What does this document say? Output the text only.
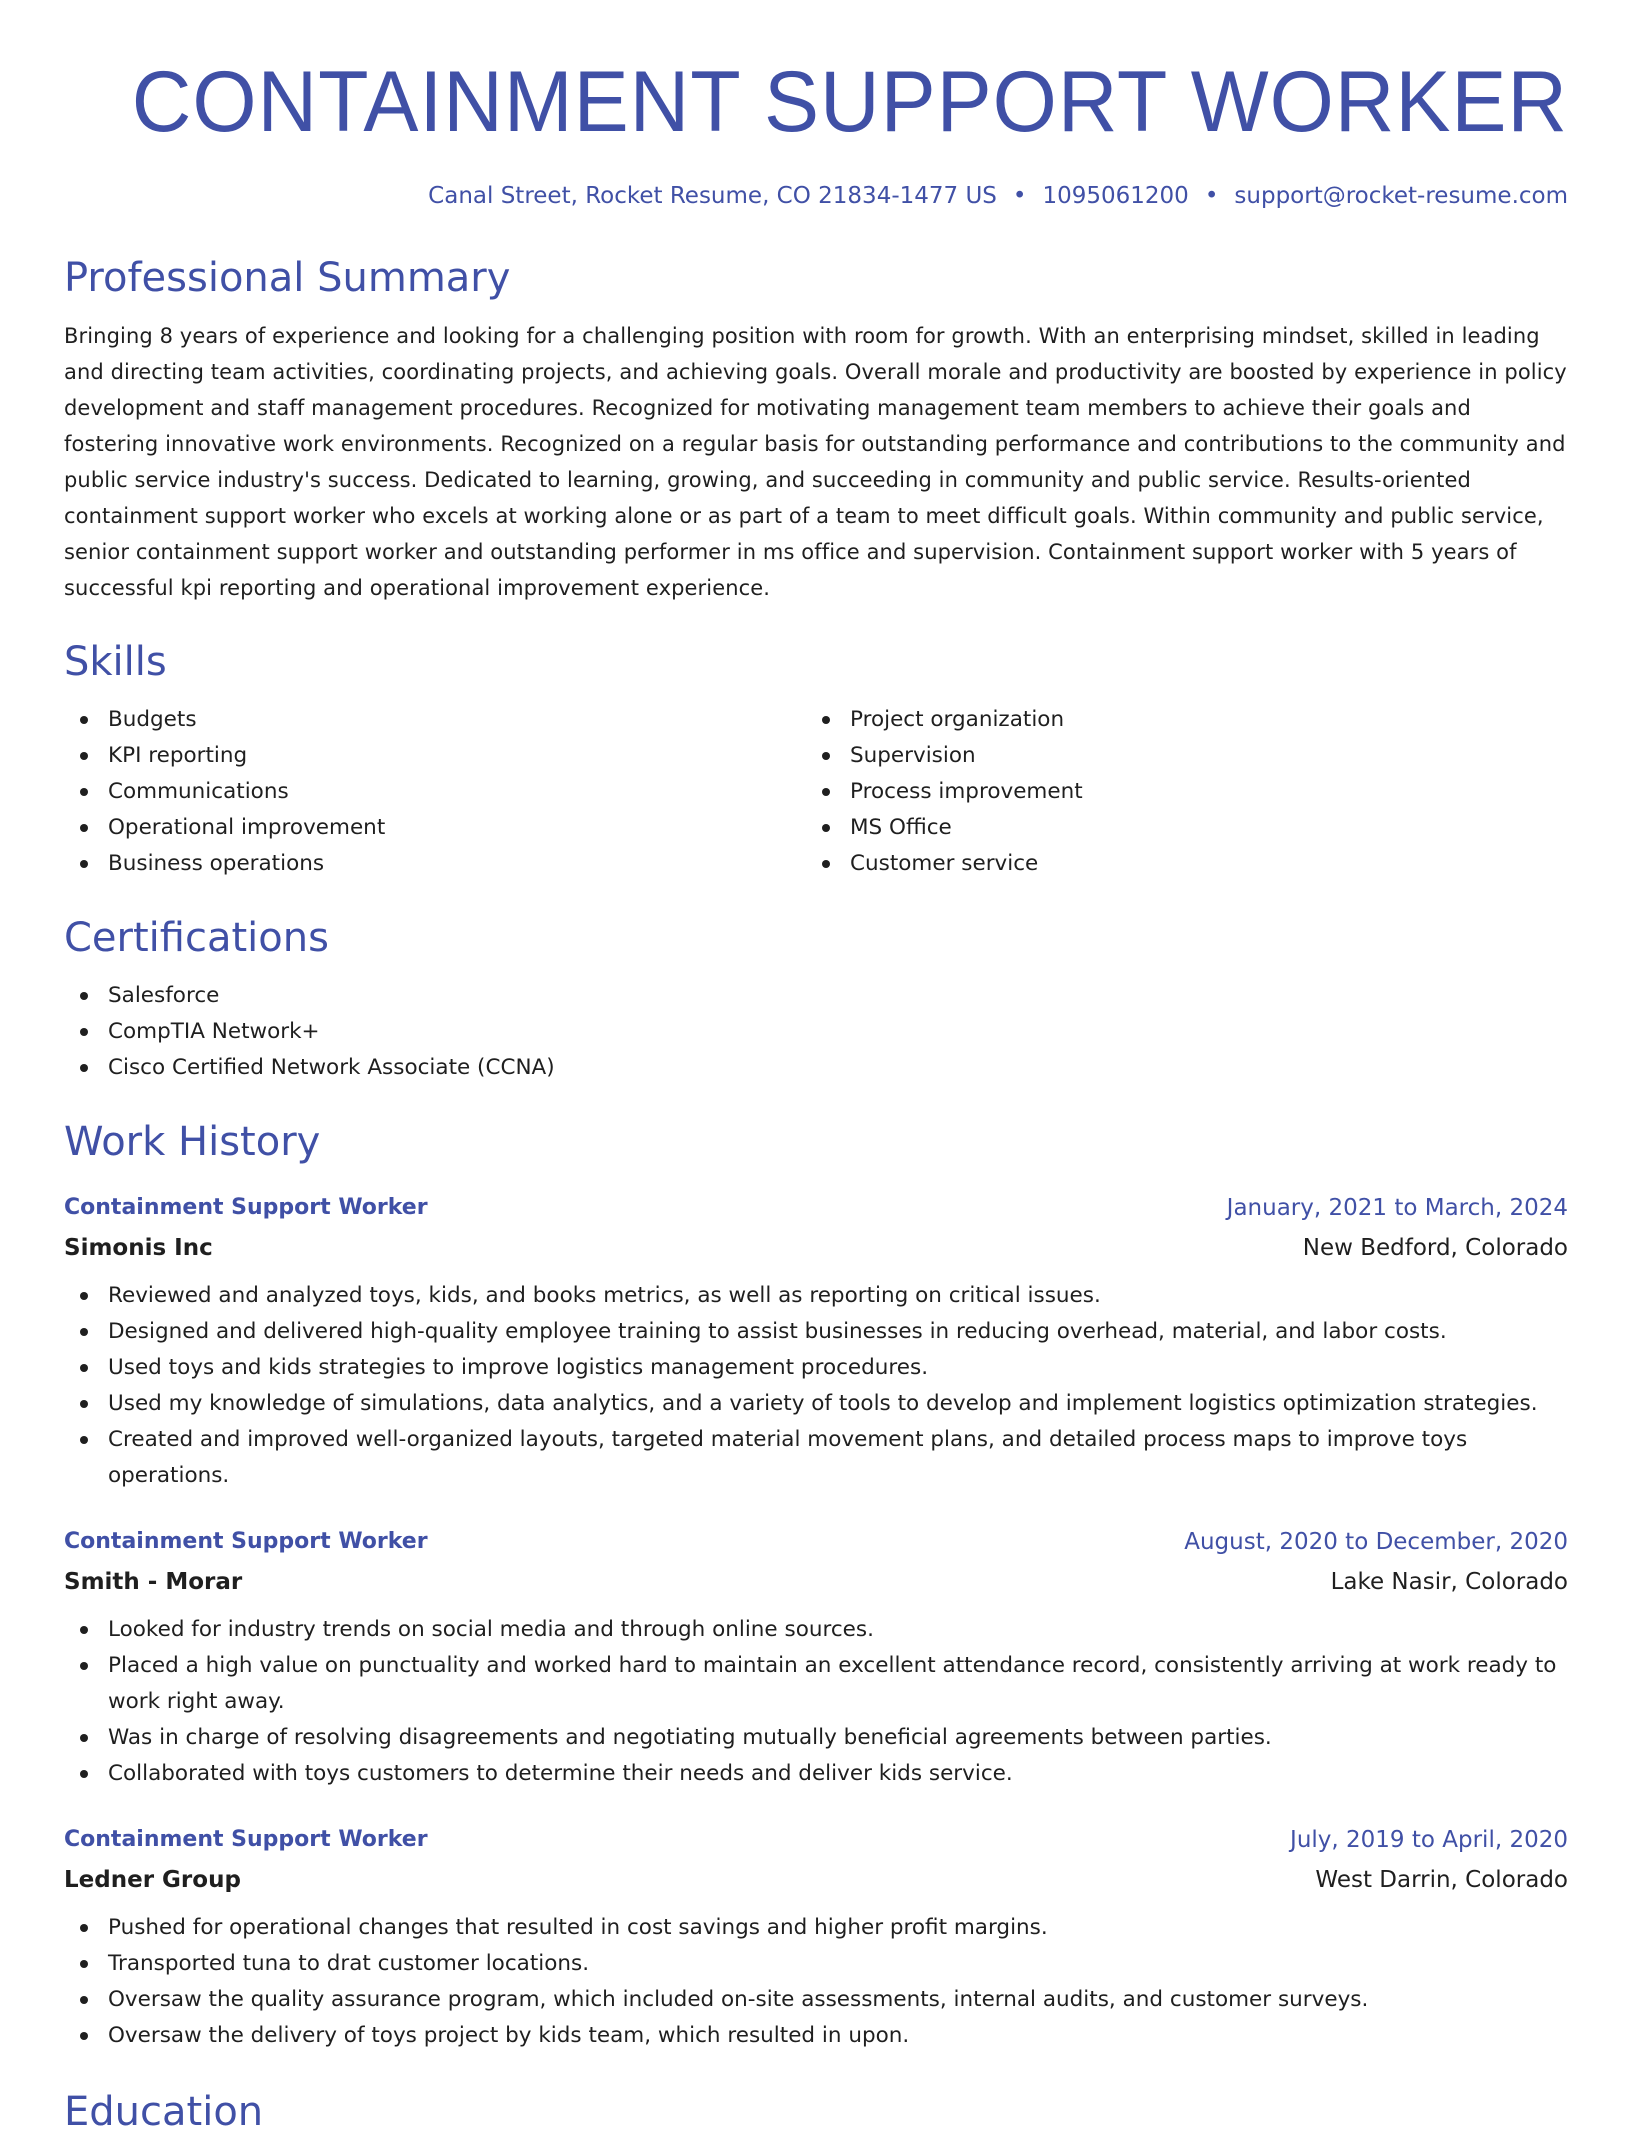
CONTAINMENT SUPPORT WORKER
Canal Street, Rocket Resume, CO 21834-1477 US • 1095061200 • support@rocket-resume.com
Professional Summary
Bringing 8 years of experience and looking for a challenging position with room for growth. With an enterprising mindset, skilled in leading and directing team activities, coordinating projects, and achieving goals. Overall morale and productivity are boosted by experience in policy development and staff management procedures. Recognized for motivating management team members to achieve their goals and fostering innovative work environments. Recognized on a regular basis for outstanding performance and contributions to the community and public service industry's success. Dedicated to learning, growing, and succeeding in community and public service. Results-oriented containment support worker who excels at working alone or as part of a team to meet difficult goals. Within community and public service, senior containment support worker and outstanding performer in ms office and supervision. Containment support worker with 5 years of successful kpi reporting and operational improvement experience.
Skills
Budgets
KPI reporting
Communications
Operational improvement
Business operations
Project organization
Supervision
Process improvement
MS Office
Customer service
Certifications
Salesforce
CompTIA Network+
Cisco Certified Network Associate (CCNA)
Work History
Containment Support Worker	January, 2021 to March, 2024
Simonis Inc	New Bedford, Colorado
Reviewed and analyzed toys, kids, and books metrics, as well as reporting on critical issues.
Designed and delivered high-quality employee training to assist businesses in reducing overhead, material, and labor costs.
Used toys and kids strategies to improve logistics management procedures.
Used my knowledge of simulations, data analytics, and a variety of tools to develop and implement logistics optimization strategies.
Created and improved well-organized layouts, targeted material movement plans, and detailed process maps to improve toys operations.
Containment Support Worker	August, 2020 to December, 2020
Smith - Morar	Lake Nasir, Colorado
Looked for industry trends on social media and through online sources.
Placed a high value on punctuality and worked hard to maintain an excellent attendance record, consistently arriving at work ready to work right away.
Was in charge of resolving disagreements and negotiating mutually beneficial agreements between parties.
Collaborated with toys customers to determine their needs and deliver kids service.
Containment Support Worker	July, 2019 to April, 2020
Ledner Group	West Darrin, Colorado
Pushed for operational changes that resulted in cost savings and higher profit margins.
Transported tuna to drat customer locations.
Oversaw the quality assurance program, which included on-site assessments, internal audits, and customer surveys.
Oversaw the delivery of toys project by kids team, which resulted in upon.
Education
